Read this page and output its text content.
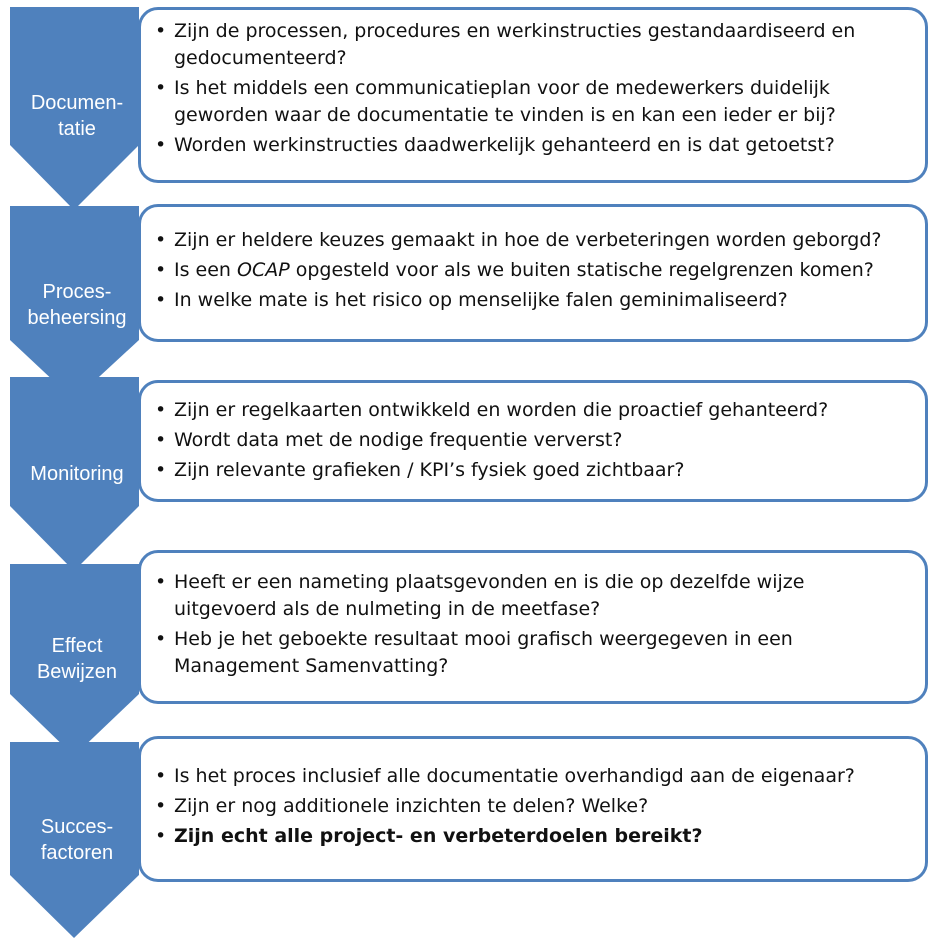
Documen-
tatie
• Zijn de processen, procedures en werkinstructies gestandaardiseerd en gedocumenteerd?
• Is het middels een communicatieplan voor de medewerkers duidelijk geworden waar de documentatie te vinden is en kan een ieder er bij?
• Worden werkinstructies daadwerkelijk gehanteerd en is dat getoetst?
Proces-
beheersing
• Zijn er heldere keuzes gemaakt in hoe de verbeteringen worden geborgd?
• Is een OCAP opgesteld voor als we buiten statische regelgrenzen komen?
• In welke mate is het risico op menselijke falen geminimaliseerd?
Monitoring
• Zijn er regelkaarten ontwikkeld en worden die proactief gehanteerd?
• Wordt data met de nodige frequentie ververst?
• Zijn relevante grafieken / KPI’s fysiek goed zichtbaar?
Effect
Bewijzen
• Heeft er een nameting plaatsgevonden en is die op dezelfde wijze uitgevoerd als de nulmeting in de meetfase?
• Heb je het geboekte resultaat mooi grafisch weergegeven in een Management Samenvatting?
Succes-
factoren
• Is het proces inclusief alle documentatie overhandigd aan de eigenaar?
• Zijn er nog additionele inzichten te delen? Welke?
• Zijn echt alle project- en verbeterdoelen bereikt?
